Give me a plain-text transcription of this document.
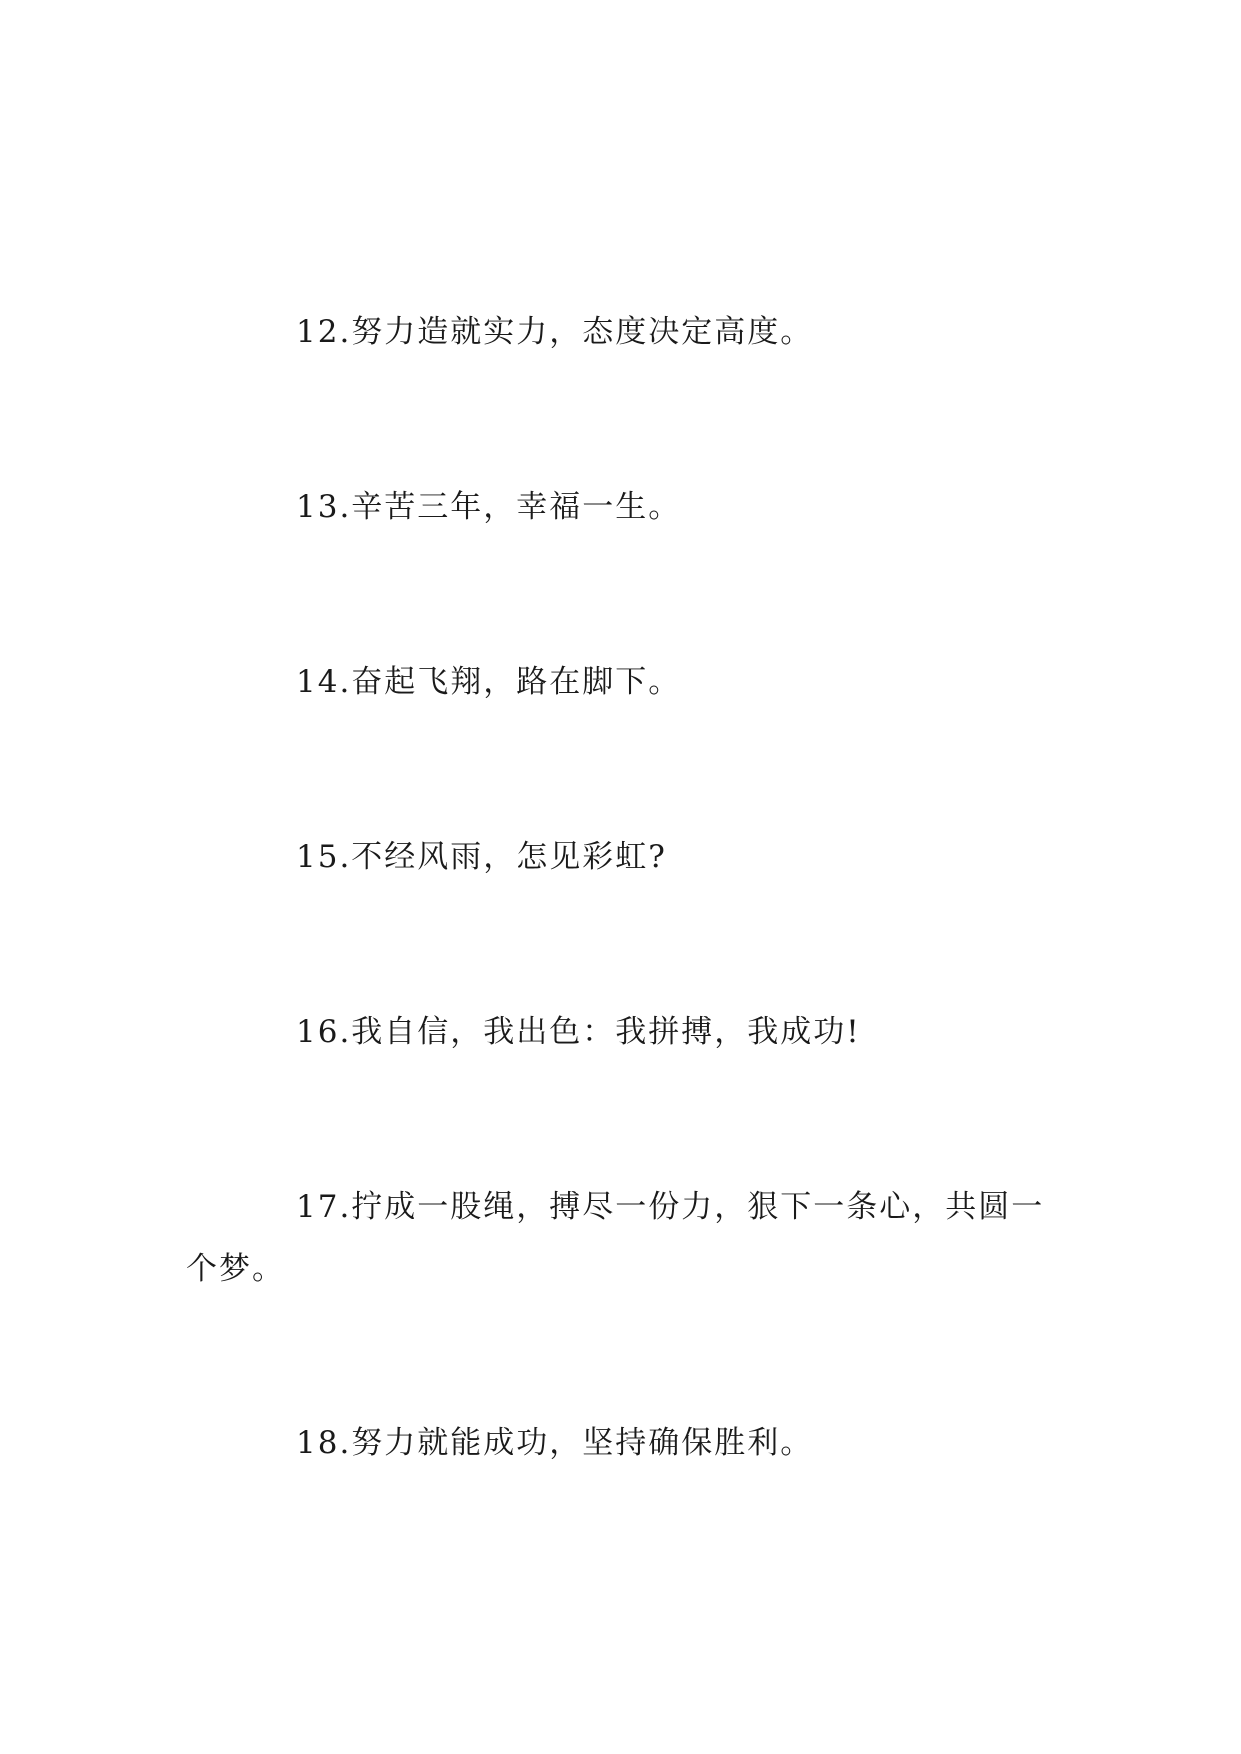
12.努力造就实力，态度决定高度。

13.辛苦三年，幸福一生。

14.奋起飞翔，路在脚下。

15.不经风雨，怎见彩虹?

16.我自信，我出色：我拼搏，我成功!

17.拧成一股绳，搏尽一份力，狠下一条心，共圆一个梦。

18.努力就能成功，坚持确保胜利。
